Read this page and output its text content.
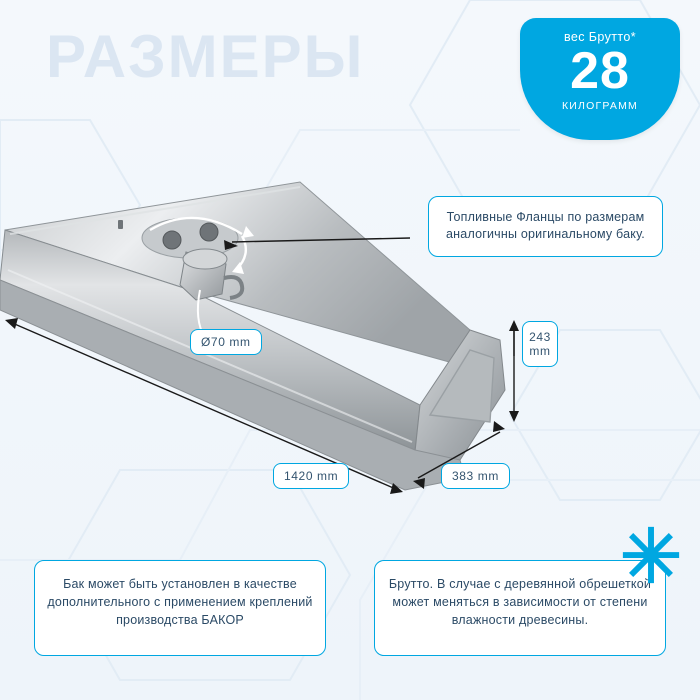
РАЗМЕРЫ	вес Брутто*
28
КИЛОГРАММ
Топливные Фланцы по размерам аналогичны оригинальному баку.
Ø70 mm
1420 mm	383 mm
243
mm
✳
Бак может быть установлен в качестве дополнительного с применением креплений производства БАКОР
Брутто. В случае с деревянной обрешеткой может меняться в зависимости от степени влажности древесины.
